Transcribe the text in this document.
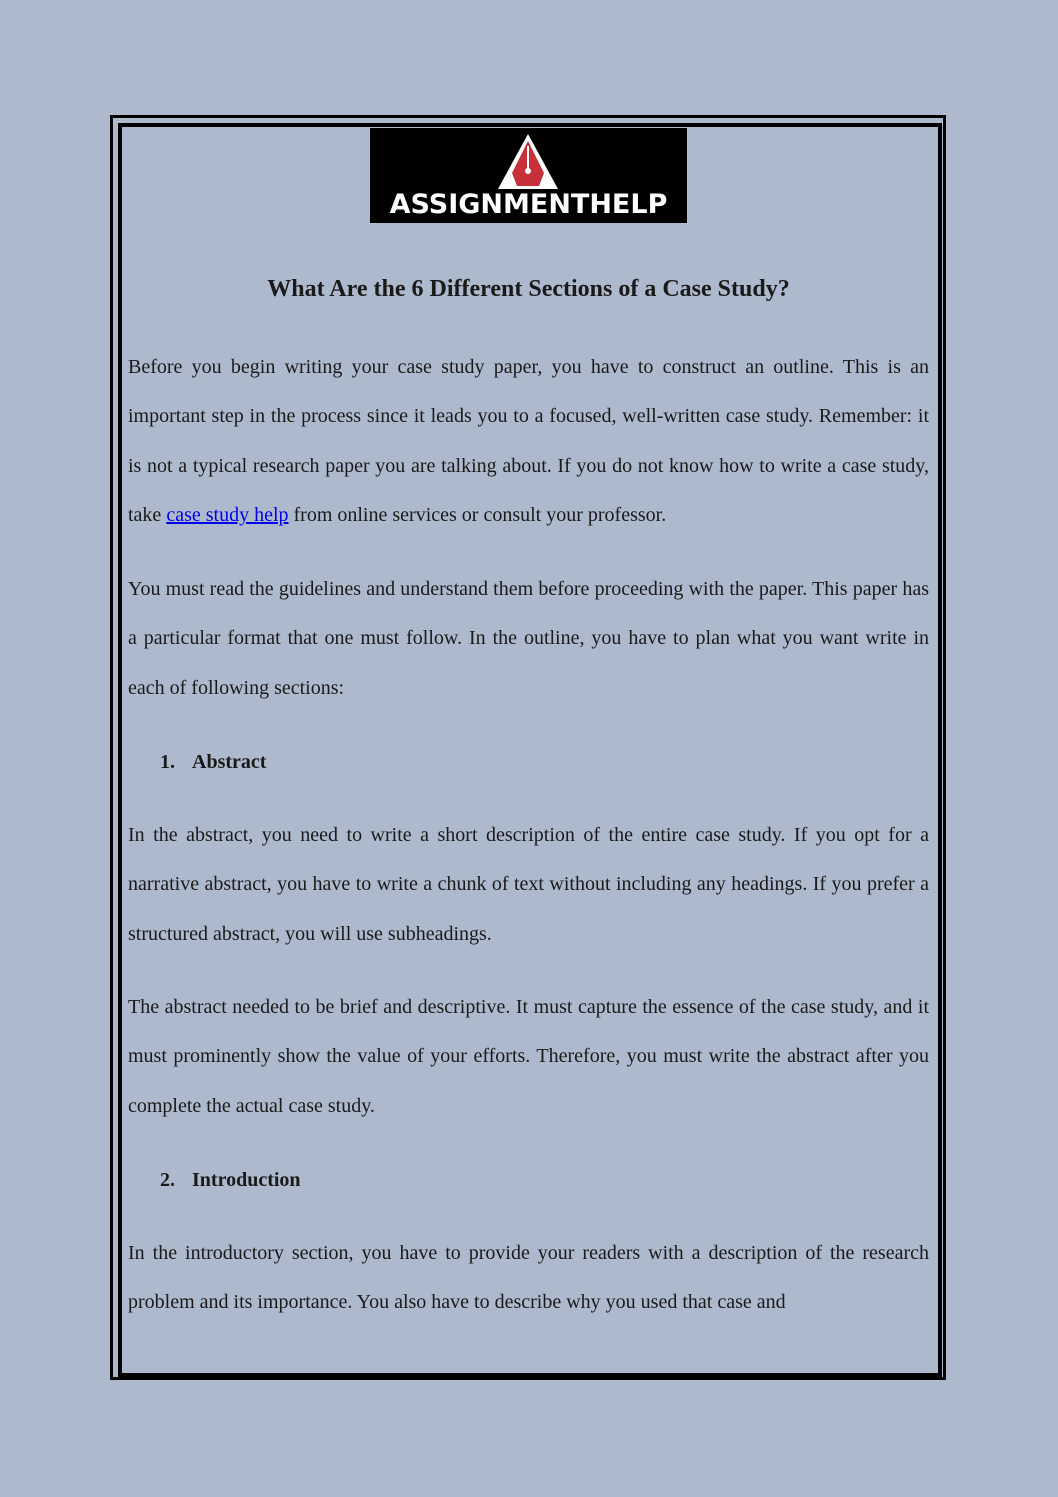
ASSIGNMENTHELP
What Are the 6 Different Sections of a Case Study?

Before you begin writing your case study paper, you have to construct an outline. This is an important step in the process since it leads you to a focused, well-written case study. Remember: it is not a typical research paper you are talking about. If you do not know how to write a case study, take case study help from online services or consult your professor.

You must read the guidelines and understand them before proceeding with the paper. This paper has a particular format that one must follow. In the outline, you have to plan what you want write in each of following sections:

1. Abstract

In the abstract, you need to write a short description of the entire case study. If you opt for a narrative abstract, you have to write a chunk of text without including any headings. If you prefer a structured abstract, you will use subheadings.

The abstract needed to be brief and descriptive. It must capture the essence of the case study, and it must prominently show the value of your efforts. Therefore, you must write the abstract after you complete the actual case study.

2. Introduction

In the introductory section, you have to provide your readers with a description of the research problem and its importance. You also have to describe why you used that case and
